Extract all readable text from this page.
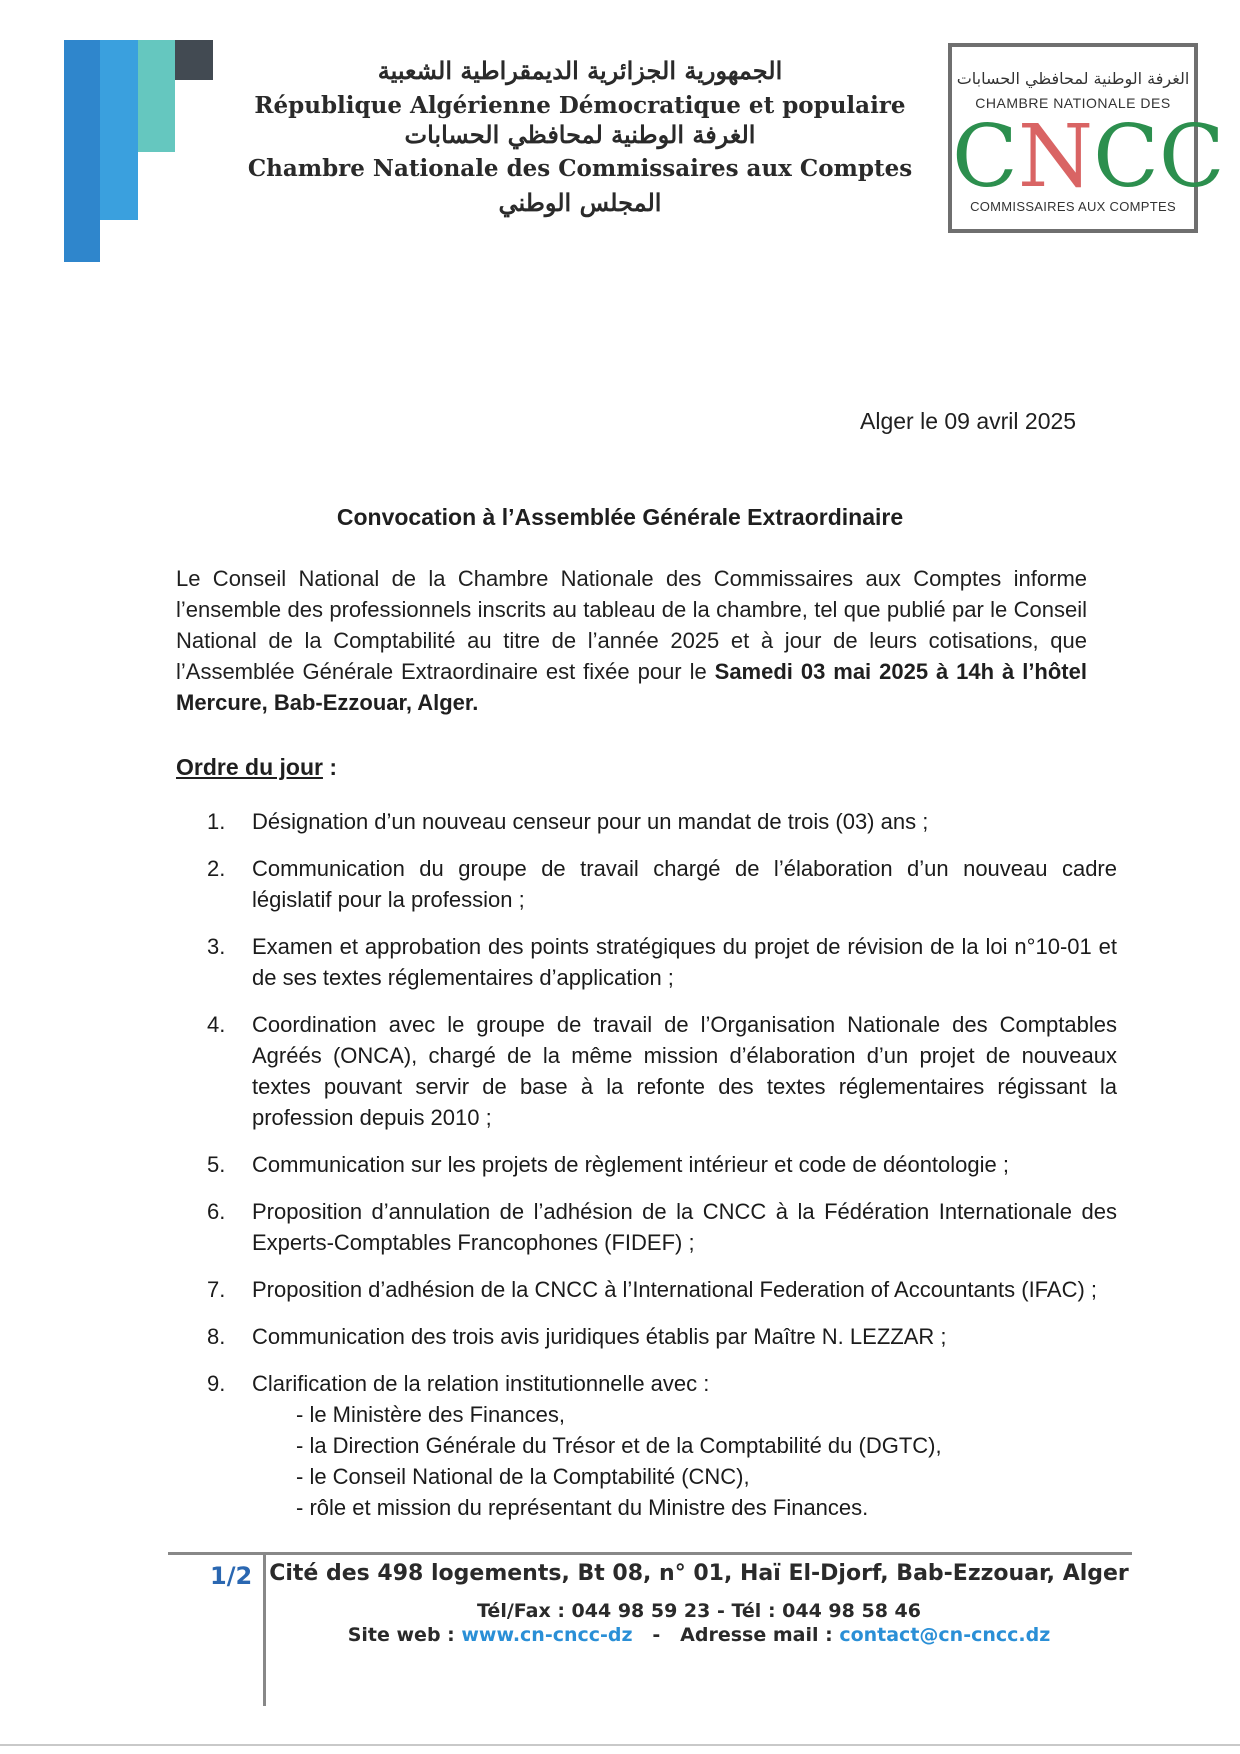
الجمهورية الجزائرية الديمقراطية الشعبية
République Algérienne Démocratique et populaire
الغرفة الوطنية لمحافظي الحسابات
Chambre Nationale des Commissaires aux Comptes
المجلس الوطني
الغرفة الوطنية لمحافظي الحسابات
CHAMBRE NATIONALE DES
CNCC
COMMISSAIRES AUX COMPTES
Alger le 09 avril 2025
Convocation à l’Assemblée Générale Extraordinaire
Le Conseil National de la Chambre Nationale des Commissaires aux Comptes informe l’ensemble des professionnels inscrits au tableau de la chambre, tel que publié par le Conseil National de la Comptabilité au titre de l’année 2025 et à jour de leurs cotisations, que l’Assemblée Générale Extraordinaire est fixée pour le Samedi 03 mai 2025 à 14h à l’hôtel Mercure, Bab-Ezzouar, Alger.
Ordre du jour :
1. Désignation d’un nouveau censeur pour un mandat de trois (03) ans ;
2. Communication du groupe de travail chargé de l’élaboration d’un nouveau cadre législatif pour la profession ;
3. Examen et approbation des points stratégiques du projet de révision de la loi n°10-01 et de ses textes réglementaires d’application ;
4. Coordination avec le groupe de travail de l’Organisation Nationale des Comptables Agréés (ONCA), chargé de la même mission d’élaboration d’un projet de nouveaux textes pouvant servir de base à la refonte des textes réglementaires régissant la profession depuis 2010 ;
5. Communication sur les projets de règlement intérieur et code de déontologie ;
6. Proposition d’annulation de l’adhésion de la CNCC à la Fédération Internationale des Experts-Comptables Francophones (FIDEF) ;
7. Proposition d’adhésion de la CNCC à l’International Federation of Accountants (IFAC) ;
8. Communication des trois avis juridiques établis par Maître N. LEZZAR ;
9. Clarification de la relation institutionnelle avec :
- le Ministère des Finances,
- la Direction Générale du Trésor et de la Comptabilité du (DGTC),
- le Conseil National de la Comptabilité (CNC),
- rôle et mission du représentant du Ministre des Finances.
1/2 Cité des 498 logements, Bt 08, n° 01, Haï El-Djorf, Bab-Ezzouar, Alger
Tél/Fax : 044 98 59 23 - Tél : 044 98 58 46
Site web : www.cn-cncc-dz   -   Adresse mail : contact@cn-cncc.dz
